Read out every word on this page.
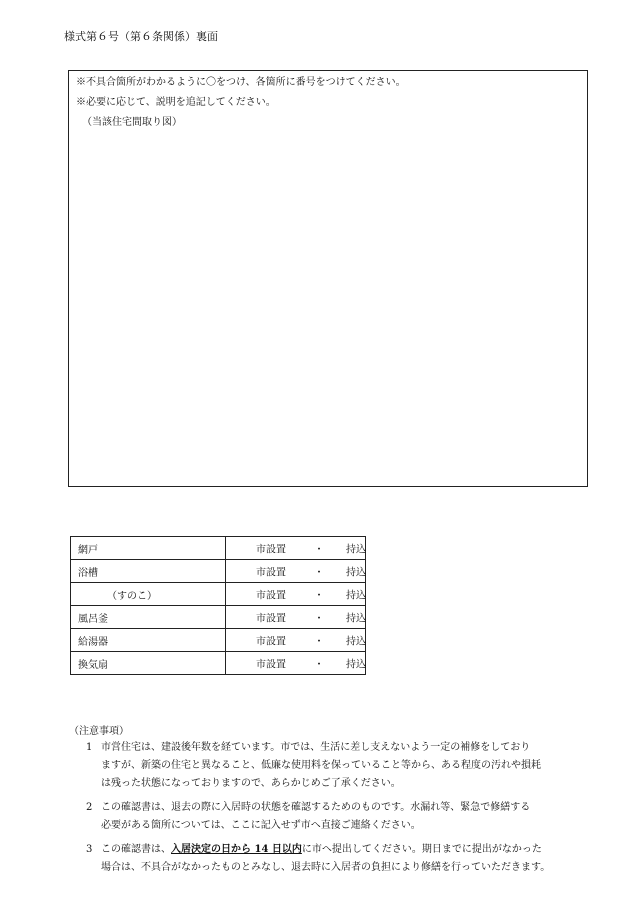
様式第６号（第６条関係）裏面
※不具合箇所がわかるように〇をつけ、各箇所に番号をつけてください。
※必要に応じて、説明を追記してください。
（当該住宅間取り図）
網戸	市設置 ・ 持込

浴槽	市設置 ・ 持込

（すのこ）	市設置 ・ 持込

風呂釜	市設置 ・ 持込

給湯器	市設置 ・ 持込

換気扇	市設置 ・ 持込
（注意事項）
1 市営住宅は、建設後年数を経ています。市では、生活に差し支えないよう一定の補修をしており
ますが、新築の住宅と異なること、低廉な使用料を保っていること等から、ある程度の汚れや損耗
は残った状態になっておりますので、あらかじめご了承ください。
2 この確認書は、退去の際に入居時の状態を確認するためのものです。水漏れ等、緊急で修繕する
必要がある箇所については、ここに記入せず市へ直接ご連絡ください。
3 この確認書は、入居決定の日から 14 日以内に市へ提出してください。期日までに提出がなかった
場合は、不具合がなかったものとみなし、退去時に入居者の負担により修繕を行っていただきます。
